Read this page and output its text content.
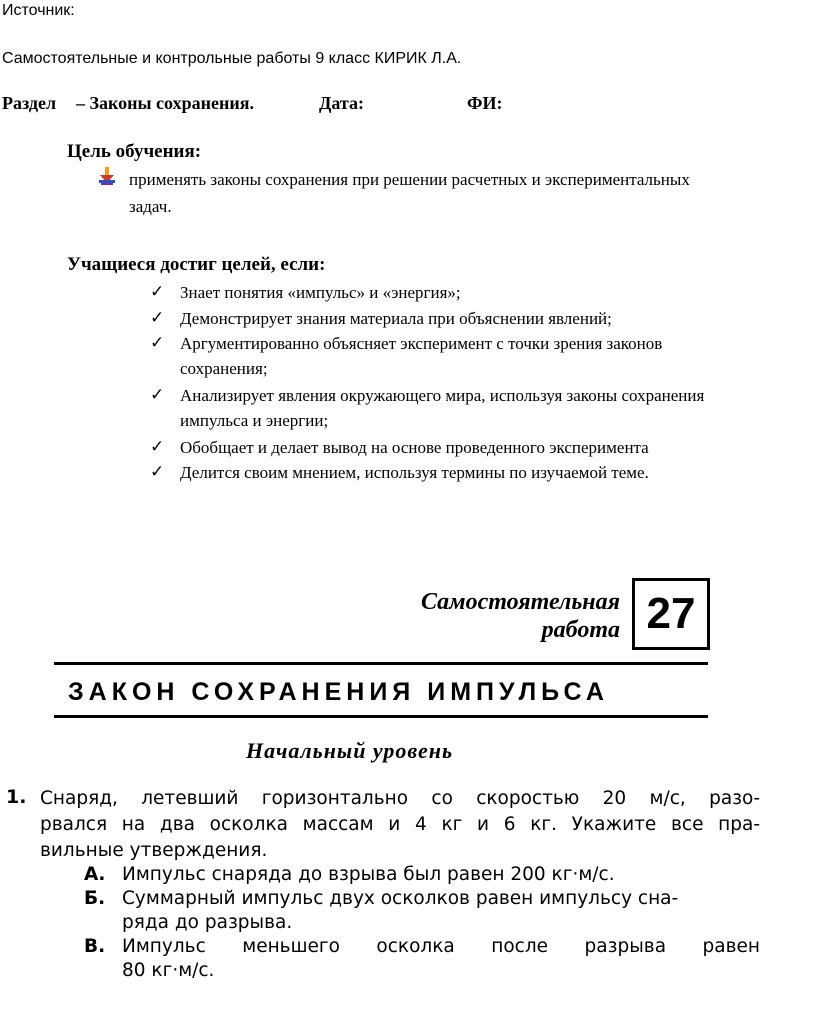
Источник:
Самостоятельные и контрольные работы 9 класс КИРИК Л.А.
Раздел – Законы сохранения.	Дата:	ФИ:
Цель обучения:
применять законы сохранения при решении расчетных и экспериментальных
задач.
Учащиеся достиг целей, если:
✓ Знает понятия «импульс» и «энергия»;
✓ Демонстрирует знания материала при объяснении явлений;
✓ Аргументированно объясняет эксперимент с точки зрения законов
сохранения;
✓ Анализирует явления окружающего мира, используя законы сохранения
импульса и энергии;
✓ Обобщает и делает вывод на основе проведенного эксперимента
✓ Делится своим мнением, используя термины по изучаемой теме.
Самостоятельная
работа 27
ЗАКОН СОХРАНЕНИЯ ИМПУЛЬСА
Начальный уровень
1. Снаряд, летевший горизонтально со скоростью 20 м/с, разо-
рвался на два осколка массам и 4 кг и 6 кг. Укажите все пра-
вильные утверждения.
А. Импульс снаряда до взрыва был равен 200 кг·м/с.
Б. Суммарный импульс двух осколков равен импульсу сна-
ряда до разрыва.
В. Импульс меньшего осколка после разрыва равен
80 кг·м/с.
